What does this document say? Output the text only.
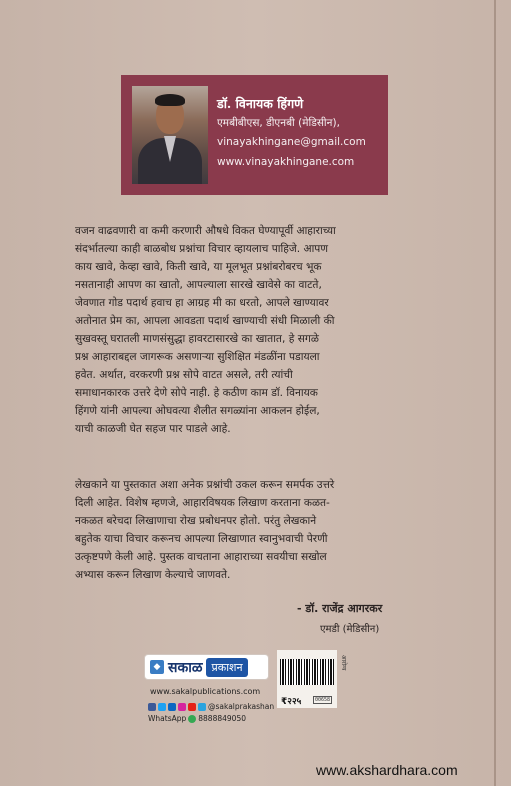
डॉ. विनायक हिंगणे
एमबीबीएस, डीएनबी (मेडिसीन),
vinayakhingane@gmail.com
www.vinayakhingane.com
वजन वाढवणारी वा कमी करणारी औषधे विकत घेण्यापूर्वी आहाराच्या
संदर्भातल्या काही बाळबोध प्रश्नांचा विचार व्हायलाच पाहिजे. आपण
काय खावे, केव्हा खावे, किती खावे, या मूलभूत प्रश्नांबरोबरच भूक
नसतानाही आपण का खातो, आपल्याला सारखे खावेसे का वाटते,
जेवणात गोड पदार्थ हवाच हा आग्रह मी का धरतो, आपले खाण्यावर
अतोनात प्रेम का, आपला आवडता पदार्थ खाण्याची संधी मिळाली की
सुखवस्तू घरातली माणसंसुद्धा हावरटासारखे का खातात, हे सगळे
प्रश्न आहाराबद्दल जागरूक असणाऱ्या सुशिक्षित मंडळींना पडायला
हवेत. अर्थात, वरकरणी प्रश्न सोपे वाटत असले, तरी त्यांची
समाधानकारक उत्तरे देणे सोपे नाही. हे कठीण काम डॉ. विनायक
हिंगणे यांनी आपल्या ओघवत्या शैलीत सगळ्यांना आकलन होईल,
याची काळजी घेत सहज पार पाडले आहे.
लेखकाने या पुस्तकात अशा अनेक प्रश्नांची उकल करून समर्पक उत्तरे
दिली आहेत. विशेष म्हणजे, आहारविषयक लिखाण करताना कळत-
नकळत बरेचदा लिखाणाचा रोख प्रबोधनपर होतो. परंतु लेखकाने
बहुतेक याचा विचार करूनच आपल्या लिखाणात स्वानुभवाची पेरणी
उत्कृष्टपणे केली आहे. पुस्तक वाचताना आहाराच्या सवयीचा सखोल
अभ्यास करून लिखाण केल्याचे जाणवते.
- डॉ. राजेंद्र आगरकर
एमडी (मेडिसीन)
◆ सकाळ प्रकाशन
www.sakalpublications.com
@sakalprakashan
WhatsApp 8888849050
₹२२५	00658
आरोग्य
www.akshardhara.com
